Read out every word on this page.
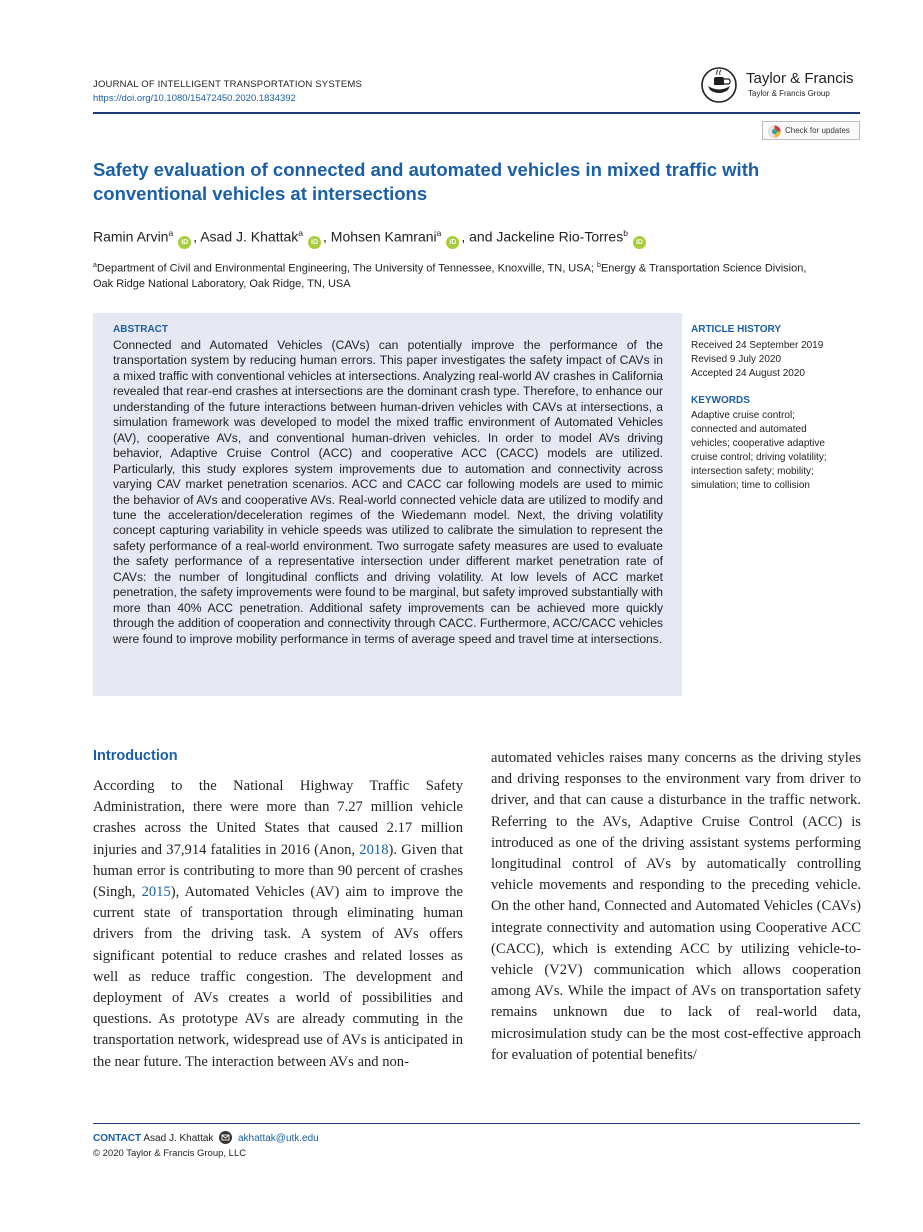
JOURNAL OF INTELLIGENT TRANSPORTATION SYSTEMS
https://doi.org/10.1080/15472450.2020.1834392
Taylor & Francis
Taylor & Francis Group
Check for updates
Safety evaluation of connected and automated vehicles in mixed traffic with conventional vehicles at intersections
Ramin Arvin$^a$iD , Asad J. Khattak$^a$iD , Mohsen Kamrani$^a$iD , and Jackeline Rio-Torres$^b$iD
$^a$Department of Civil and Environmental Engineering, The University of Tennessee, Knoxville, TN, USA; $^b$Energy & Transportation Science Division, Oak Ridge National Laboratory, Oak Ridge, TN, USA
ABSTRACT

Connected and Automated Vehicles (CAVs) can potentially improve the performance of the transportation system by reducing human errors. This paper investigates the safety impact of CAVs in a mixed traffic with conventional vehicles at intersections. Analyzing real-world AV crashes in California revealed that rear-end crashes at intersections are the dominant crash type. Therefore, to enhance our understanding of the future interactions between human-driven vehicles with CAVs at intersections, a simulation framework was developed to model the mixed traffic environment of Automated Vehicles (AV), cooperative AVs, and conventional human-driven vehicles. In order to model AVs driving behavior, Adaptive Cruise Control (ACC) and cooperative ACC (CACC) models are utilized. Particularly, this study explores system improvements due to automation and connectivity across varying CAV market penetration scenarios. ACC and CACC car following models are used to mimic the behavior of AVs and cooperative AVs. Real-world connected vehicle data are utilized to modify and tune the acceleration/deceleration regimes of the Wiedemann model. Next, the driving volatility concept capturing variability in vehicle speeds was utilized to calibrate the simulation to represent the safety performance of a real-world environment. Two surrogate safety measures are used to evaluate the safety performance of a representative intersection under different market penetration rate of CAVs: the number of longitudinal conflicts and driving volatility. At low levels of ACC market penetration, the safety improvements were found to be marginal, but safety improved substantially with more than 40% ACC penetration. Additional safety improvements can be achieved more quickly through the addition of cooperation and connectivity through CACC. Furthermore, ACC/CACC vehicles were found to improve mobility performance in terms of average speed and travel time at intersections.

ARTICLE HISTORY
Received 24 September 2019
Revised 9 July 2020
Accepted 24 August 2020
KEYWORDS
Adaptive cruise control; connected and automated vehicles; cooperative adaptive cruise control; driving volatility; intersection safety; mobility; simulation; time to collision
Introduction
According to the National Highway Traffic Safety Administration, there were more than 7.27 million vehicle crashes across the United States that caused 2.17 million injuries and 37,914 fatalities in 2016 (Anon, 2018). Given that human error is contributing to more than 90 percent of crashes (Singh, 2015), Automated Vehicles (AV) aim to improve the current state of transportation through eliminating human drivers from the driving task. A system of AVs offers significant potential to reduce crashes and related losses as well as reduce traffic congestion. The development and deployment of AVs creates a world of possibilities and questions. As prototype AVs are already commuting in the transportation network, widespread use of AVs is anticipated in the near future. The interaction between AVs and non-
automated vehicles raises many concerns as the driving styles and driving responses to the environment vary from driver to driver, and that can cause a disturbance in the traffic network. Referring to the AVs, Adaptive Cruise Control (ACC) is introduced as one of the driving assistant systems performing longitudinal control of AVs by automatically controlling vehicle movements and responding to the preceding vehicle. On the other hand, Connected and Automated Vehicles (CAVs) integrate connectivity and automation using Cooperative ACC (CACC), which is extending ACC by utilizing vehicle-to-vehicle (V2V) communication which allows cooperation among AVs. While the impact of AVs on transportation safety remains unknown due to lack of real-world data, microsimulation study can be the most cost-effective approach for evaluation of potential benefits/
CONTACT Asad J. Khattak akhattak@utk.edu
© 2020 Taylor & Francis Group, LLC
